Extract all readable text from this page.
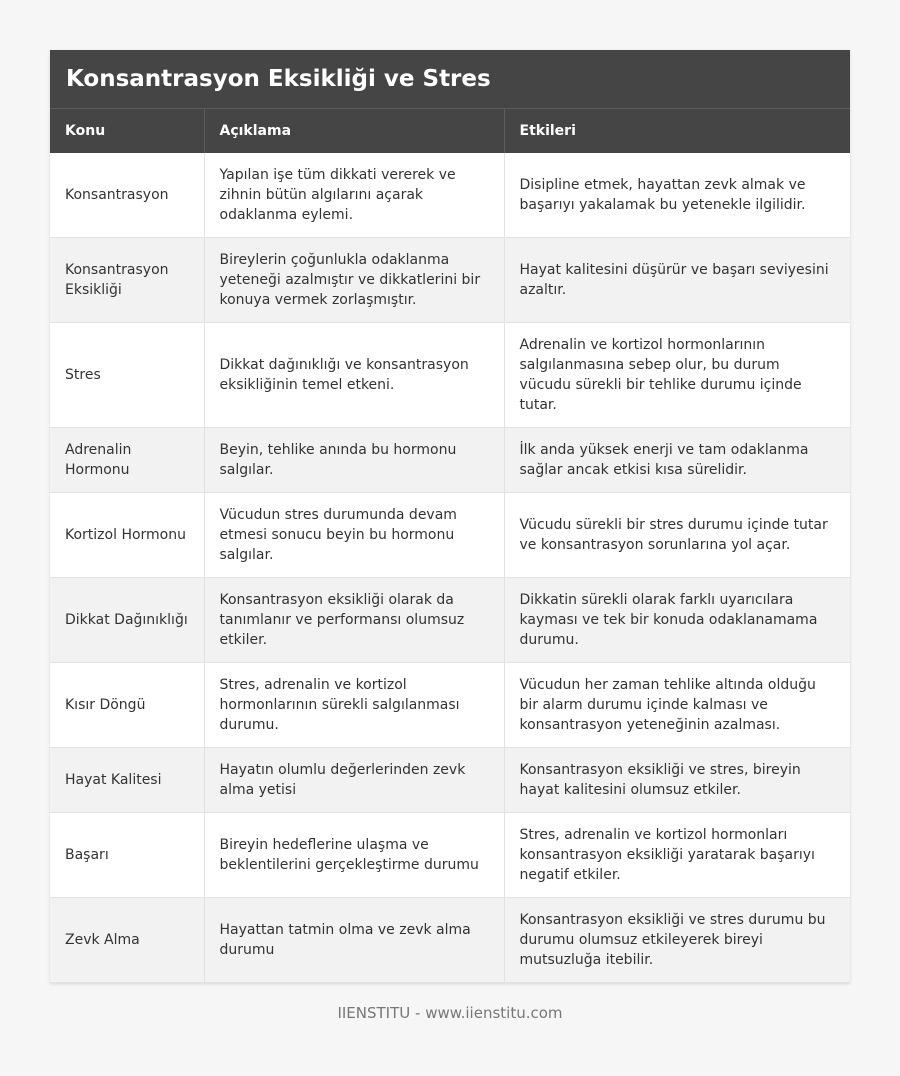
Konsantrasyon Eksikliği ve Stres
Konu	Açıklama	Etkileri
Konsantrasyon	Yapılan işe tüm dikkati vererek ve zihnin bütün algılarını açarak odaklanma eylemi.	Disipline etmek, hayattan zevk almak ve başarıyı yakalamak bu yetenekle ilgilidir.
Konsantrasyon Eksikliği	Bireylerin çoğunlukla odaklanma yeteneği azalmıştır ve dikkatlerini bir konuya vermek zorlaşmıştır.	Hayat kalitesini düşürür ve başarı seviyesini azaltır.
Stres	Dikkat dağınıklığı ve konsantrasyon eksikliğinin temel etkeni.	Adrenalin ve kortizol hormonlarının salgılanmasına sebep olur, bu durum vücudu sürekli bir tehlike durumu içinde tutar.
Adrenalin Hormonu	Beyin, tehlike anında bu hormonu salgılar.	İlk anda yüksek enerji ve tam odaklanma sağlar ancak etkisi kısa sürelidir.
Kortizol Hormonu	Vücudun stres durumunda devam etmesi sonucu beyin bu hormonu salgılar.	Vücudu sürekli bir stres durumu içinde tutar ve konsantrasyon sorunlarına yol açar.
Dikkat Dağınıklığı	Konsantrasyon eksikliği olarak da tanımlanır ve performansı olumsuz etkiler.	Dikkatin sürekli olarak farklı uyarıcılara kayması ve tek bir konuda odaklanamama durumu.
Kısır Döngü	Stres, adrenalin ve kortizol hormonlarının sürekli salgılanması durumu.	Vücudun her zaman tehlike altında olduğu bir alarm durumu içinde kalması ve konsantrasyon yeteneğinin azalması.
Hayat Kalitesi	Hayatın olumlu değerlerinden zevk alma yetisi	Konsantrasyon eksikliği ve stres, bireyin hayat kalitesini olumsuz etkiler.
Başarı	Bireyin hedeflerine ulaşma ve beklentilerini gerçekleştirme durumu	Stres, adrenalin ve kortizol hormonları konsantrasyon eksikliği yaratarak başarıyı negatif etkiler.
Zevk Alma	Hayattan tatmin olma ve zevk alma durumu	Konsantrasyon eksikliği ve stres durumu bu durumu olumsuz etkileyerek bireyi mutsuzluğa itebilir.
IIENSTITU - www.iienstitu.com
